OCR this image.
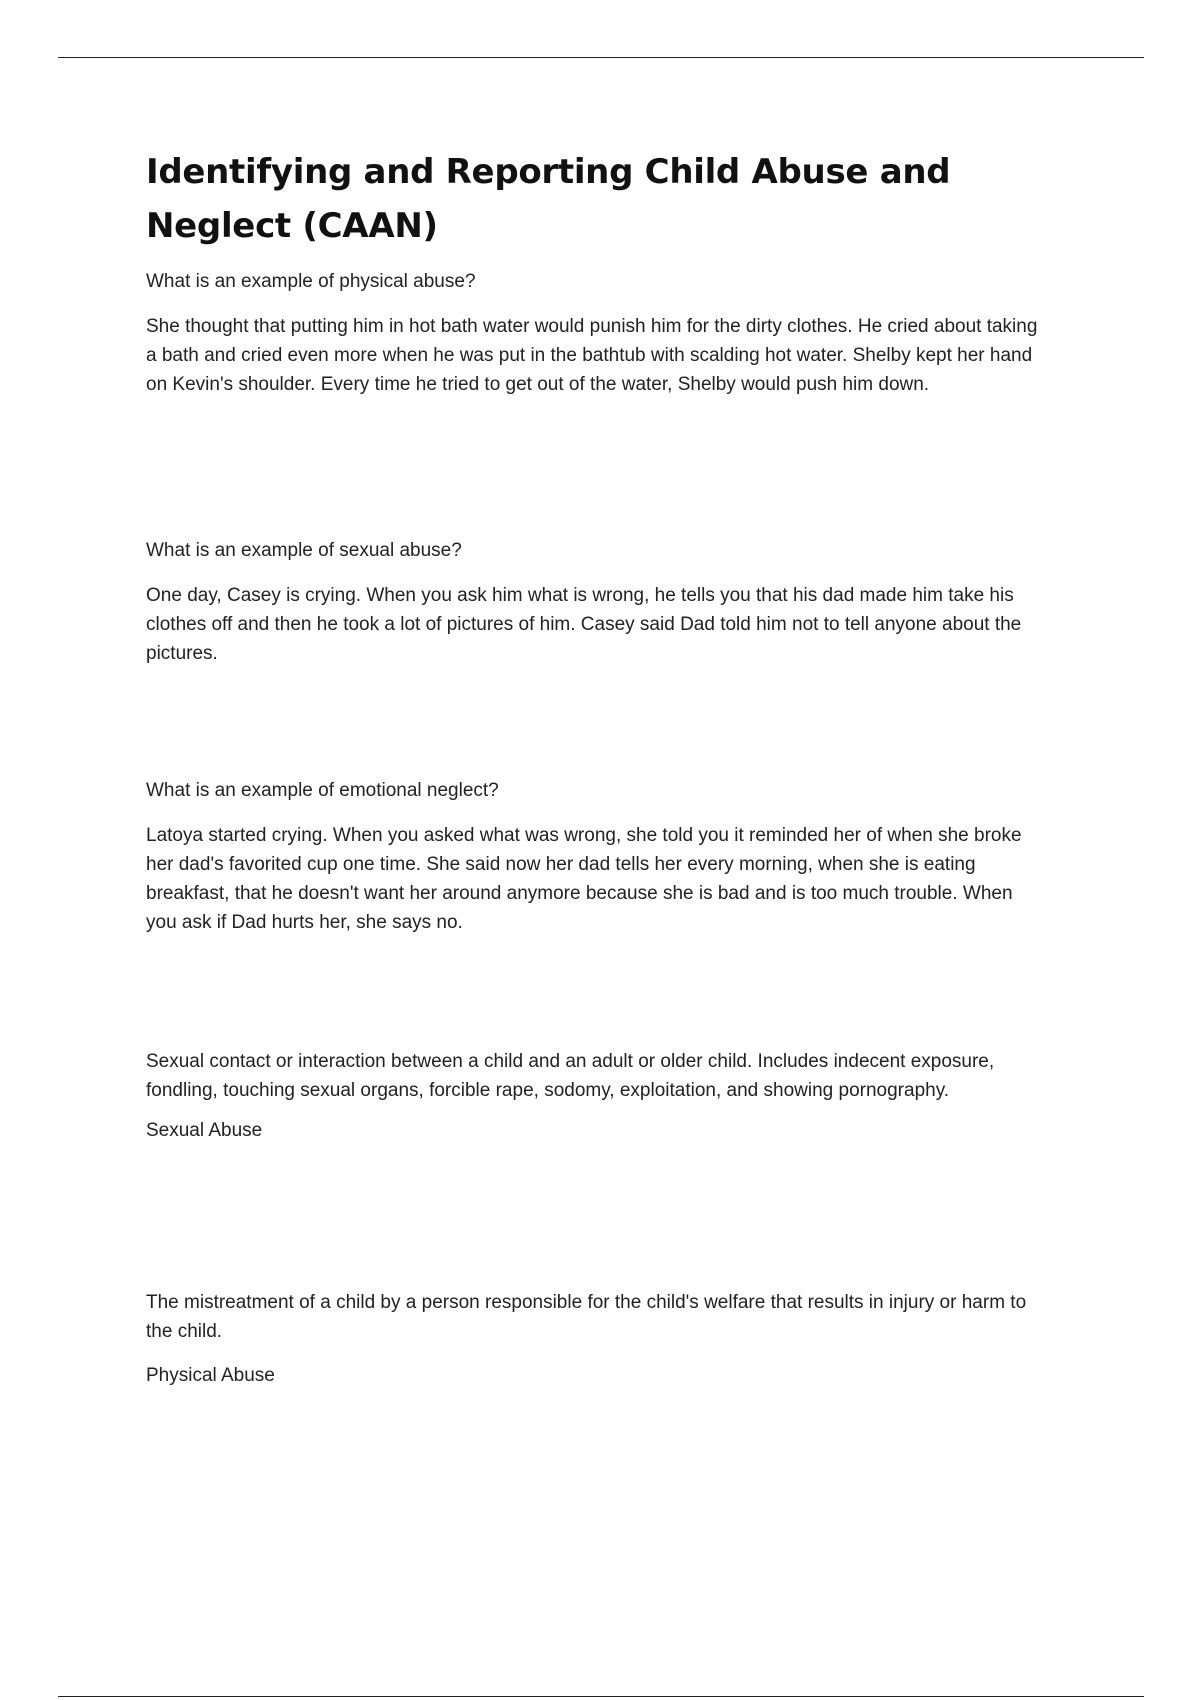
Identifying and Reporting Child Abuse and Neglect (CAAN)

What is an example of physical abuse?

She thought that putting him in hot bath water would punish him for the dirty clothes. He cried about taking a bath and cried even more when he was put in the bathtub with scalding hot water. Shelby kept her hand on Kevin's shoulder. Every time he tried to get out of the water, Shelby would push him down.

What is an example of sexual abuse?

One day, Casey is crying. When you ask him what is wrong, he tells you that his dad made him take his clothes off and then he took a lot of pictures of him. Casey said Dad told him not to tell anyone about the pictures.

What is an example of emotional neglect?

Latoya started crying. When you asked what was wrong, she told you it reminded her of when she broke her dad's favorited cup one time. She said now her dad tells her every morning, when she is eating breakfast, that he doesn't want her around anymore because she is bad and is too much trouble. When you ask if Dad hurts her, she says no.

Sexual contact or interaction between a child and an adult or older child. Includes indecent exposure, fondling, touching sexual organs, forcible rape, sodomy, exploitation, and showing pornography.

Sexual Abuse

The mistreatment of a child by a person responsible for the child's welfare that results in injury or harm to the child.

Physical Abuse
